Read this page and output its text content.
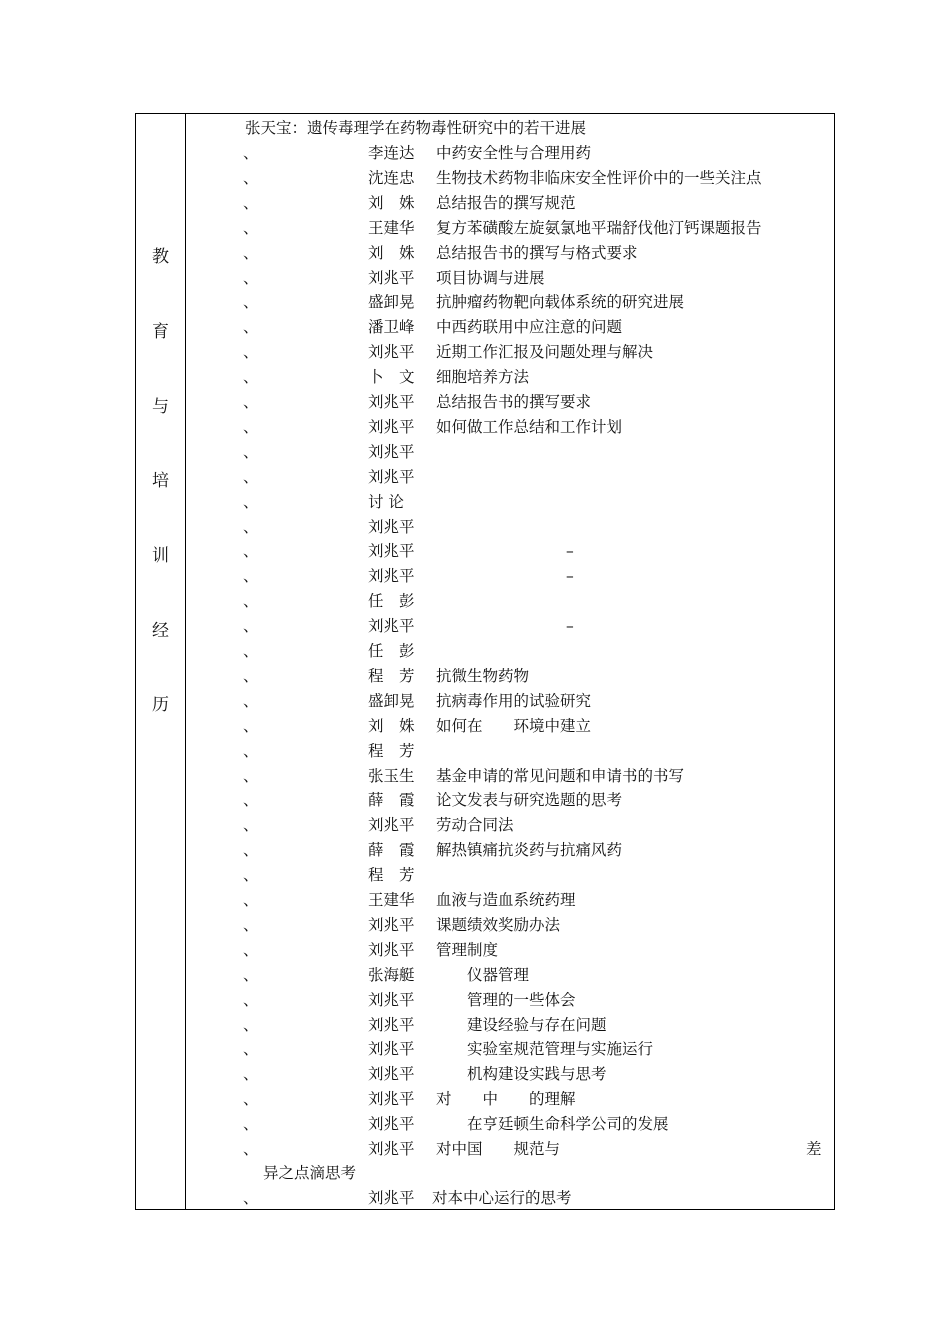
教
育
与
培
训
经
历
张天宝：遗传毒理学在药物毒性研究中的若干进展
、	李连达 中药安全性与合理用药
、	沈连忠 生物技术药物非临床安全性评价中的一些关注点
、	刘　姝 总结报告的撰写规范
、	王建华 复方苯磺酸左旋氨氯地平瑞舒伐他汀钙课题报告
、	刘　姝 总结报告书的撰写与格式要求
、	刘兆平 项目协调与进展
、	盛卸晃 抗肿瘤药物靶向载体系统的研究进展
、	潘卫峰 中西药联用中应注意的问题
、	刘兆平 近期工作汇报及问题处理与解决
、	卜　文 细胞培养方法
、	刘兆平 总结报告书的撰写要求
、	刘兆平 如何做工作总结和工作计划
、	刘兆平
、	刘兆平
、	讨 论
、	刘兆平
、	刘兆平	–
、	刘兆平	–
、	任　彭
、	刘兆平	–
、	任　彭
、	程　芳 抗微生物药物
、	盛卸晃 抗病毒作用的试验研究
、	刘　姝 如何在　　环境中建立
、	程　芳
、	张玉生 基金申请的常见问题和申请书的书写
、	薛　霞 论文发表与研究选题的思考
、	刘兆平 劳动合同法
、	薛　霞 解热镇痛抗炎药与抗痛风药
、	程　芳
、	王建华 血液与造血系统药理
、	刘兆平 课题绩效奖励办法
、	刘兆平 管理制度
、	张海艇 　　仪器管理
、	刘兆平 　　管理的一些体会
、	刘兆平 　　建设经验与存在问题
、	刘兆平 　　实验室规范管理与实施运行
、	刘兆平 　　机构建设实践与思考
、	刘兆平 对　　中　　的理解
、	刘兆平 　　在亨廷顿生命科学公司的发展
、	刘兆平 对中国　　规范与	差
异之点滴思考
、	刘兆平 对本中心运行的思考
